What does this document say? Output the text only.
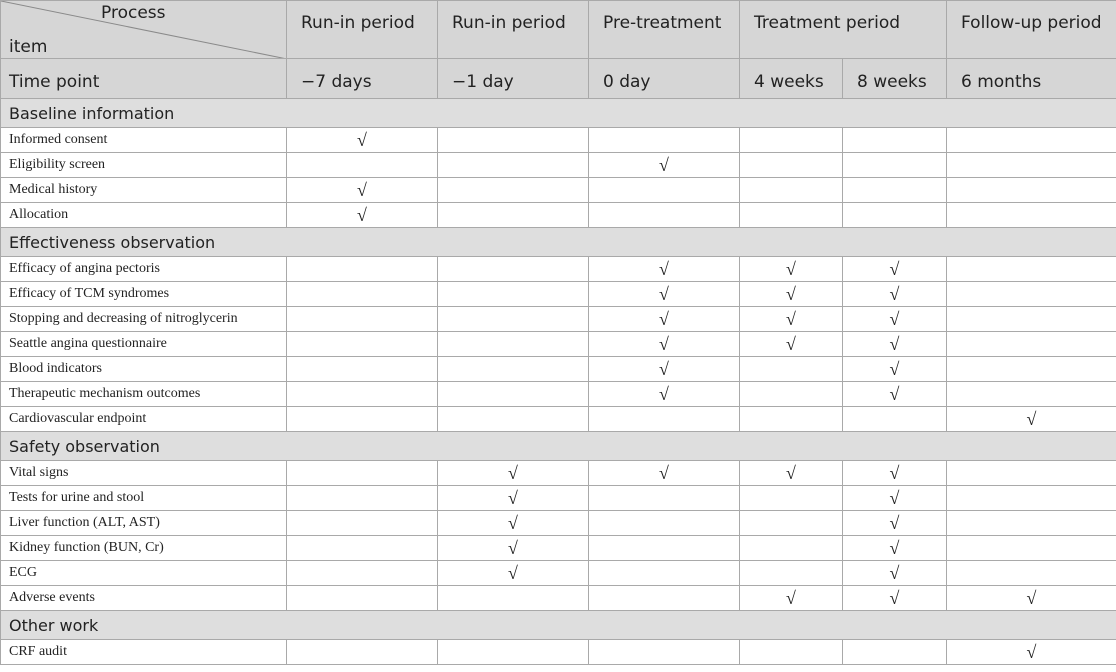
Process
item	Run-in period	Run-in period	Pre-treatment	Treatment period		Follow-up period
Time point	−7 days	−1 day	0 day	4 weeks	8 weeks	6 months
Baseline information						
Informed consent	√					
Eligibility screen			√			
Medical history	√					
Allocation	√					
Effectiveness observation						
Efficacy of angina pectoris			√	√	√	
Efficacy of TCM syndromes			√	√	√	
Stopping and decreasing of nitroglycerin			√	√	√	
Seattle angina questionnaire			√	√	√	
Blood indicators			√		√	
Therapeutic mechanism outcomes			√		√	
Cardiovascular endpoint						√
Safety observation						
Vital signs		√	√	√	√	
Tests for urine and stool		√			√	
Liver function (ALT, AST)		√			√	
Kidney function (BUN, Cr)		√			√	
ECG		√			√	
Adverse events				√	√	√
Other work						
CRF audit						√
